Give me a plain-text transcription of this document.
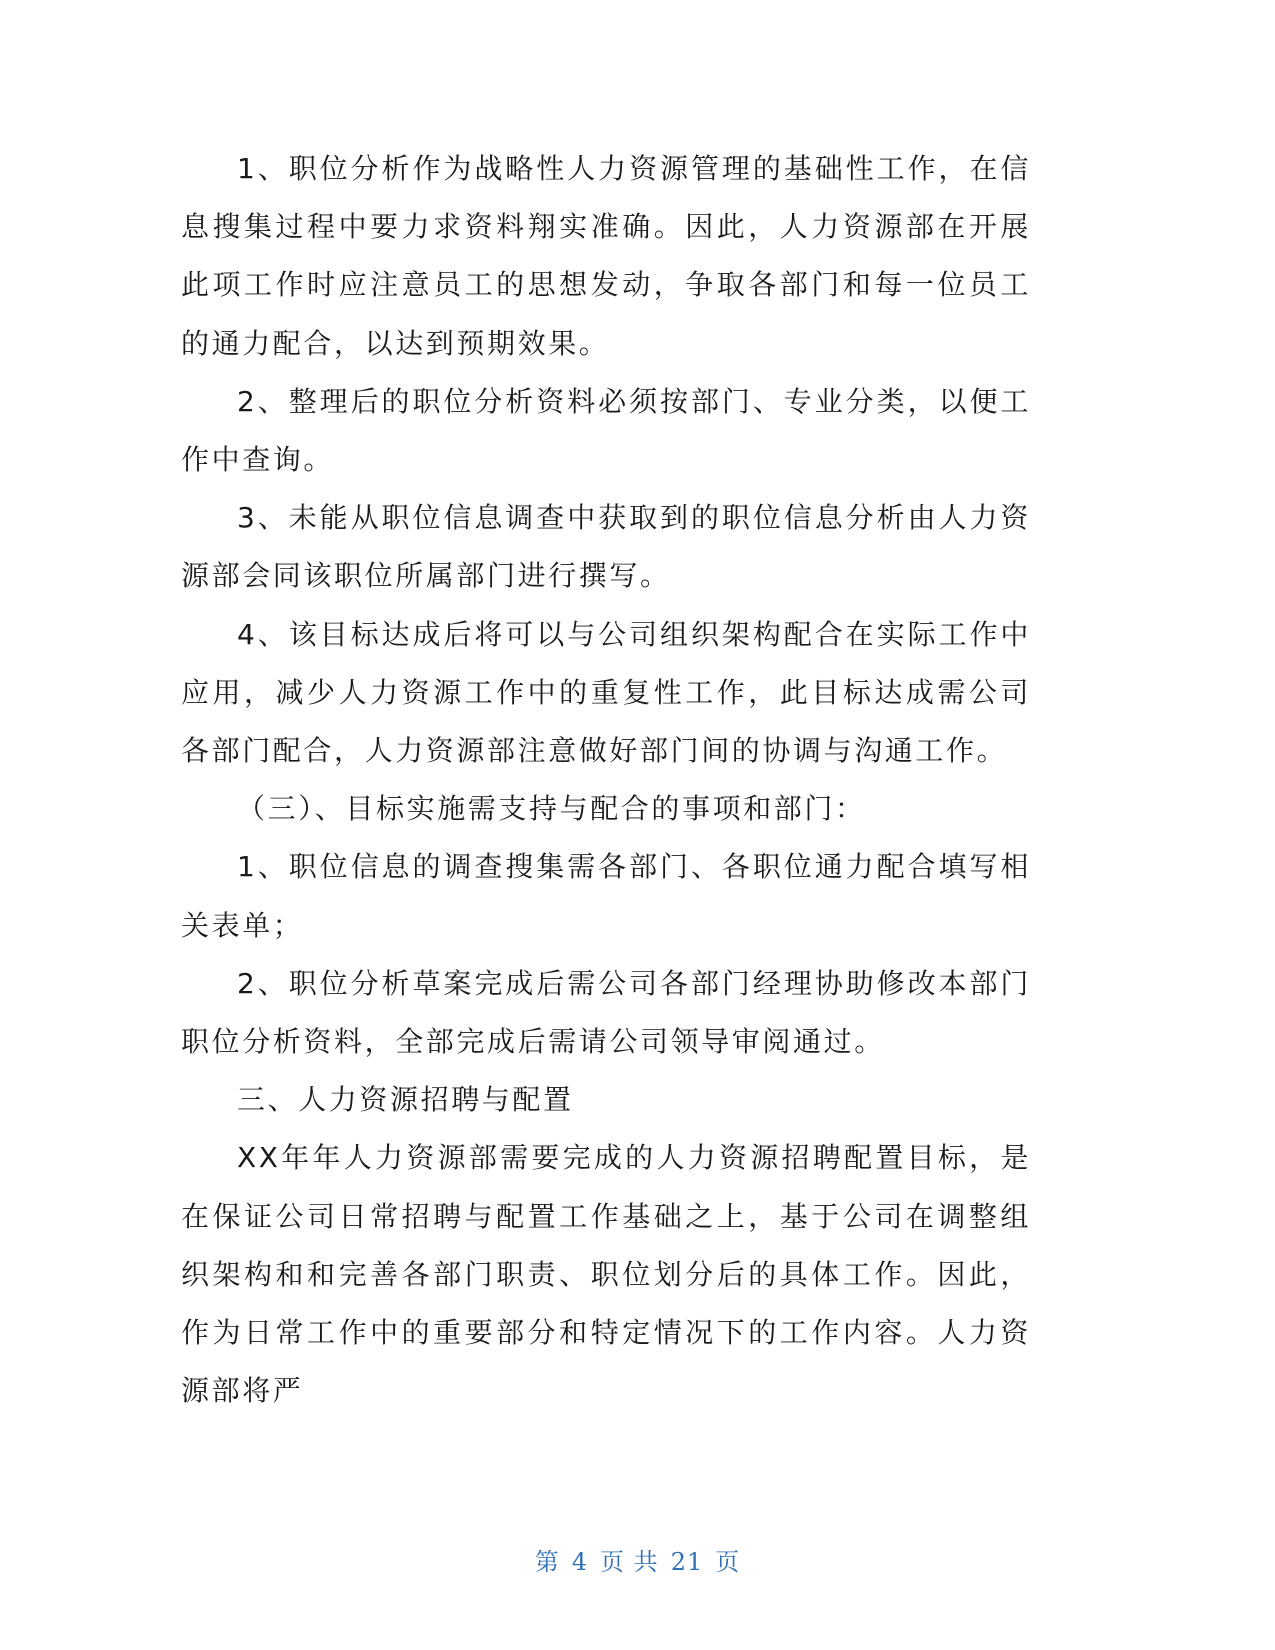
1、职位分析作为战略性人力资源管理的基础性工作，在信息搜集过程中要力求资料翔实准确。因此，人力资源部在开展此项工作时应注意员工的思想发动，争取各部门和每一位员工的通力配合，以达到预期效果。

2、整理后的职位分析资料必须按部门、专业分类，以便工作中查询。

3、未能从职位信息调查中获取到的职位信息分析由人力资源部会同该职位所属部门进行撰写。

4、该目标达成后将可以与公司组织架构配合在实际工作中应用，减少人力资源工作中的重复性工作，此目标达成需公司各部门配合，人力资源部注意做好部门间的协调与沟通工作。

（三）、目标实施需支持与配合的事项和部门：

1、职位信息的调查搜集需各部门、各职位通力配合填写相关表单；

2、职位分析草案完成后需公司各部门经理协助修改本部门职位分析资料，全部完成后需请公司领导审阅通过。

三、人力资源招聘与配置

XX年年人力资源部需要完成的人力资源招聘配置目标，是在保证公司日常招聘与配置工作基础之上，基于公司在调整组织架构和和完善各部门职责、职位划分后的具体工作。因此，作为日常工作中的重要部分和特定情况下的工作内容。人力资源部将严

第 4 页 共 21 页
